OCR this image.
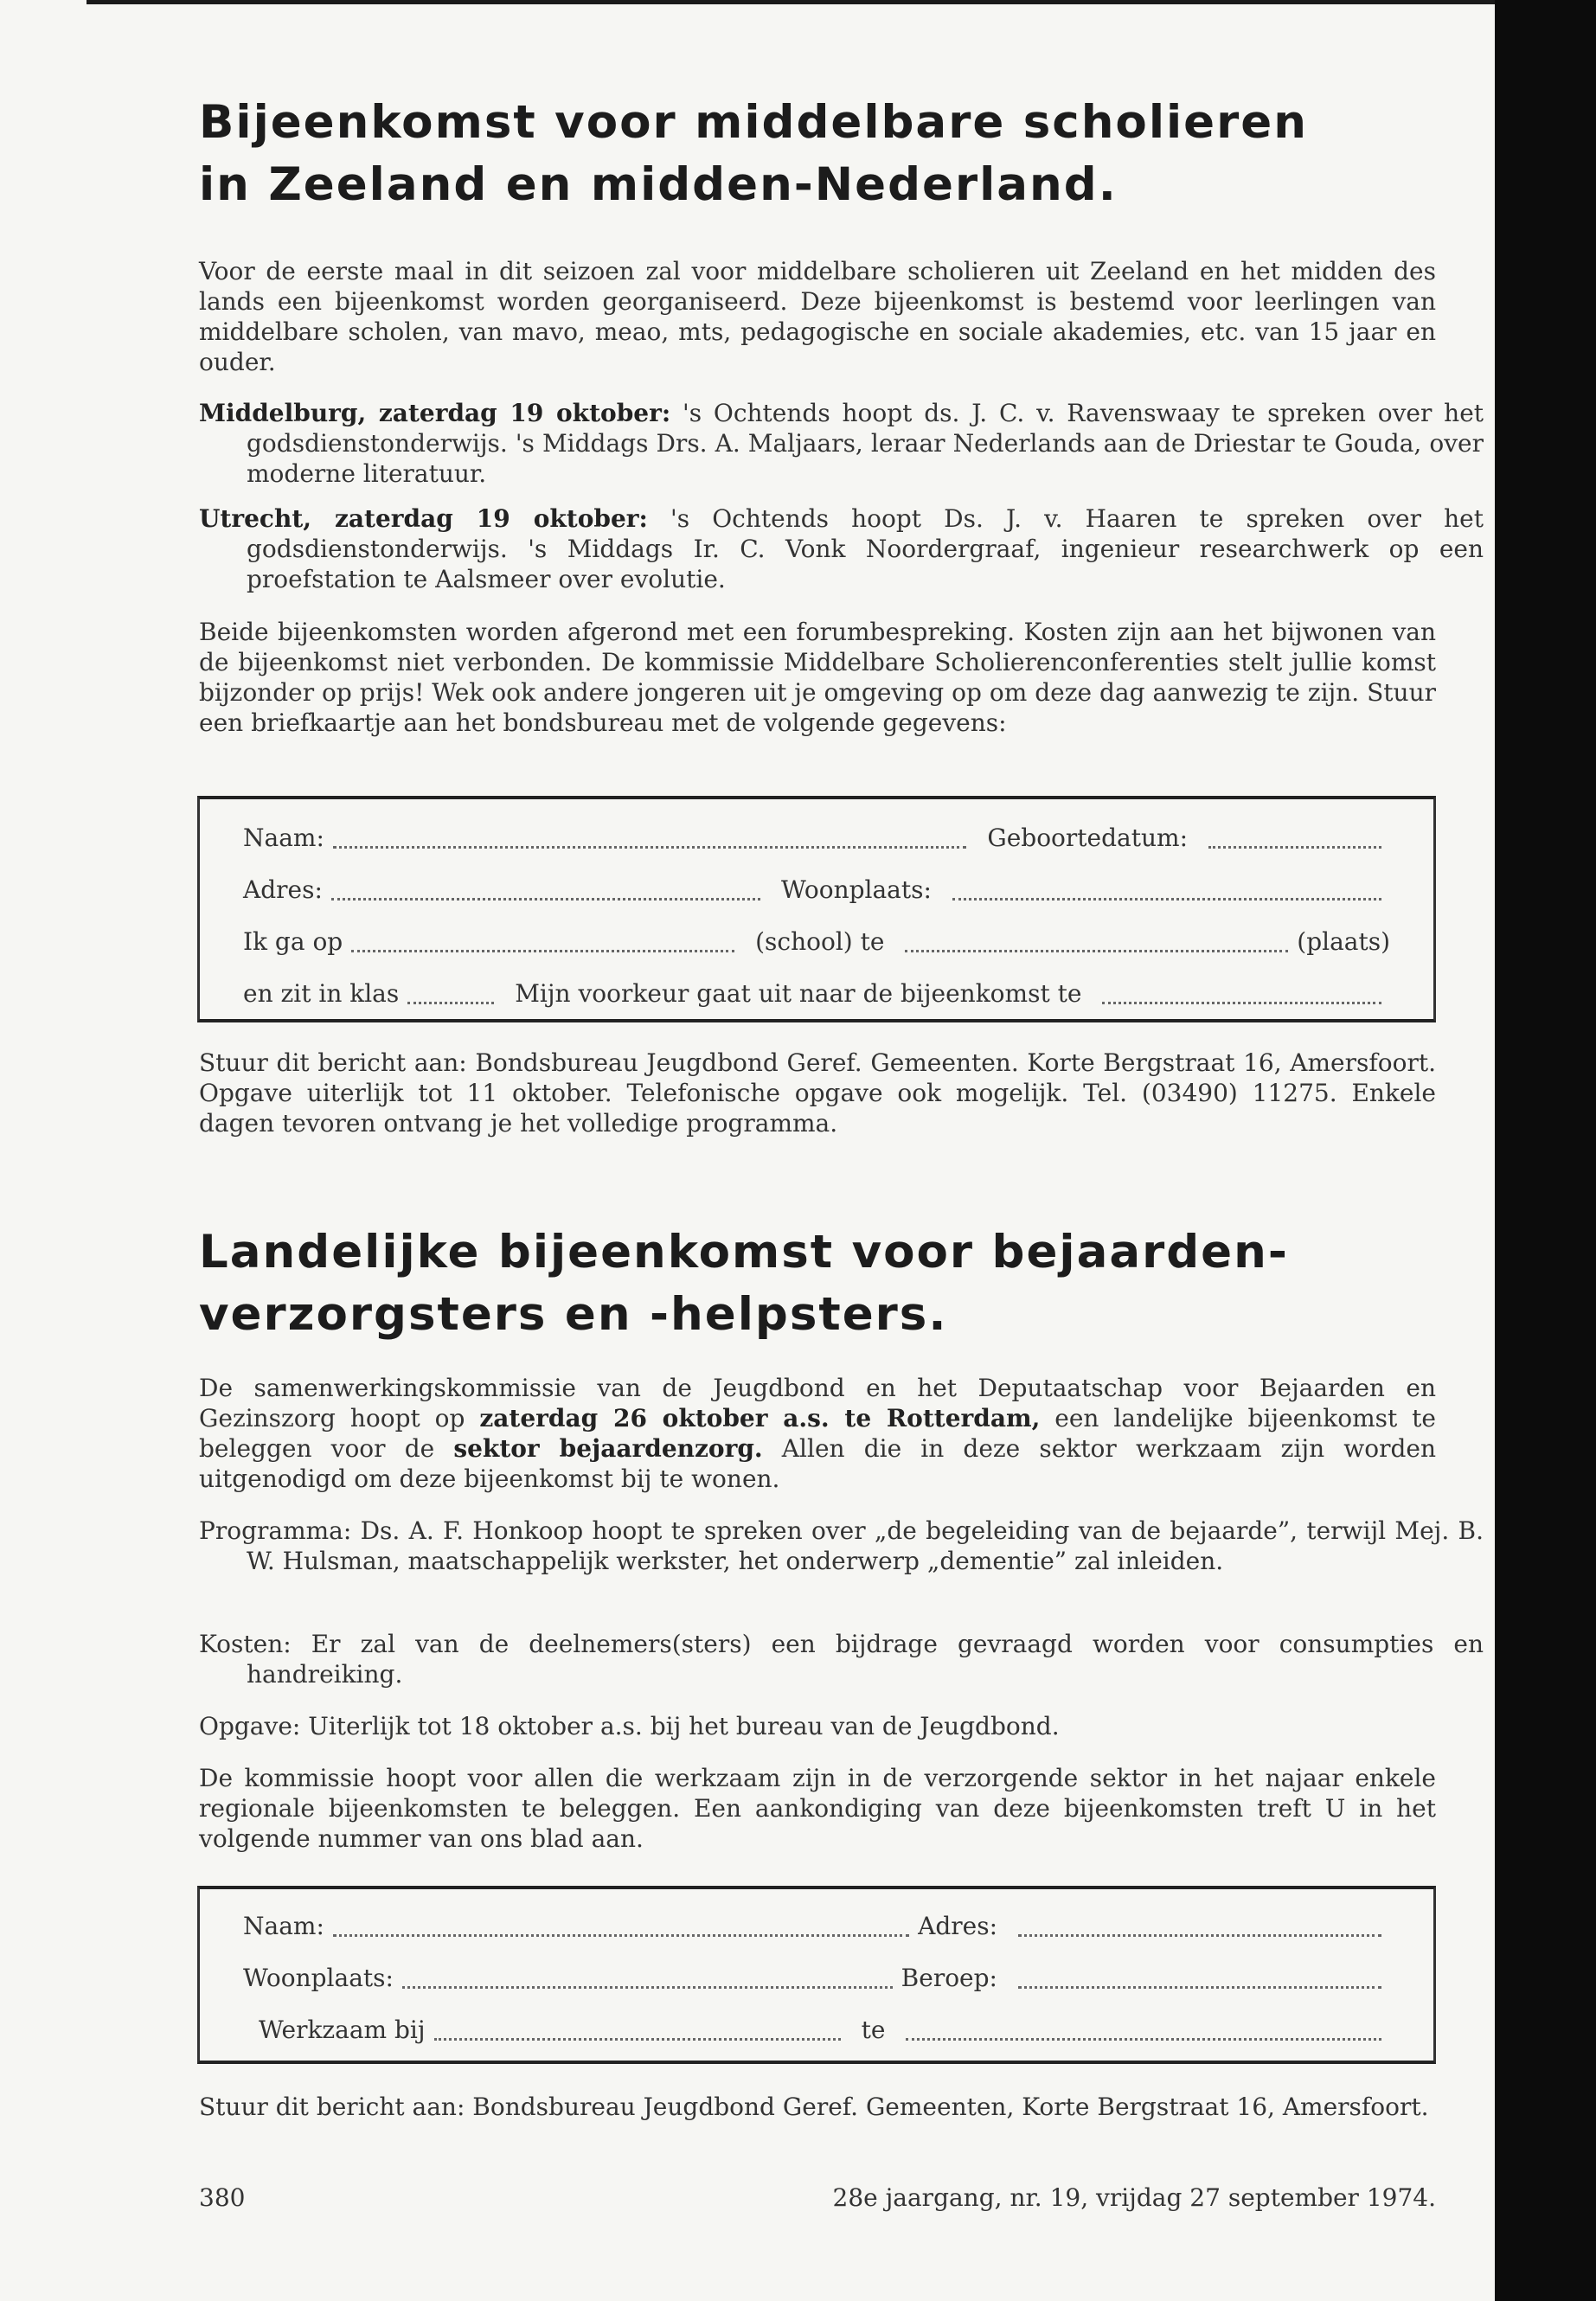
Bijeenkomst voor middelbare scholieren
in Zeeland en midden-Nederland.

Voor de eerste maal in dit seizoen zal voor middelbare scholieren uit Zeeland en het midden des lands een bijeenkomst worden georganiseerd. Deze bijeenkomst is bestemd voor leerlingen van middelbare scholen, van mavo, meao, mts, pedagogische en sociale akademies, etc. van 15 jaar en ouder.

Middelburg, zaterdag 19 oktober: 's Ochtends hoopt ds. J. C. v. Ravenswaay te spreken over het godsdienstonderwijs. 's Middags Drs. A. Maljaars, leraar Nederlands aan de Driestar te Gouda, over moderne literatuur.

Utrecht, zaterdag 19 oktober: 's Ochtends hoopt Ds. J. v. Haaren te spreken over het godsdienstonderwijs. 's Middags Ir. C. Vonk Noordergraaf, ingenieur researchwerk op een proefstation te Aalsmeer over evolutie.

Beide bijeenkomsten worden afgerond met een forumbespreking. Kosten zijn aan het bijwonen van de bijeenkomst niet verbonden. De kommissie Middelbare Scholierenconferenties stelt jullie komst bijzonder op prijs! Wek ook andere jongeren uit je omgeving op om deze dag aanwezig te zijn. Stuur een briefkaartje aan het bondsbureau met de volgende gegevens:

Naam:	Geboortedatum:
Adres:	Woonplaats:
Ik ga op	(school) te	(plaats)
en zit in klas	Mijn voorkeur gaat uit naar de bijeenkomst te

Stuur dit bericht aan: Bondsbureau Jeugdbond Geref. Gemeenten. Korte Bergstraat 16, Amersfoort. Opgave uiterlijk tot 11 oktober. Telefonische opgave ook mogelijk. Tel. (03490) 11275. Enkele dagen tevoren ontvang je het volledige programma.

Landelijke bijeenkomst voor bejaarden-
verzorgsters en -helpsters.

De samenwerkingskommissie van de Jeugdbond en het Deputaatschap voor Bejaarden en Gezinszorg hoopt op zaterdag 26 oktober a.s. te Rotterdam, een landelijke bijeenkomst te beleggen voor de sektor bejaardenzorg. Allen die in deze sektor werkzaam zijn worden uitgenodigd om deze bijeenkomst bij te wonen.

Programma: Ds. A. F. Honkoop hoopt te spreken over „de begeleiding van de bejaarde”, terwijl Mej. B. W. Hulsman, maatschappelijk werkster, het onderwerp „dementie” zal inleiden.

Kosten: Er zal van de deelnemers(sters) een bijdrage gevraagd worden voor consumpties en handreiking.

Opgave: Uiterlijk tot 18 oktober a.s. bij het bureau van de Jeugdbond.

De kommissie hoopt voor allen die werkzaam zijn in de verzorgende sektor in het najaar enkele regionale bijeenkomsten te beleggen. Een aankondiging van deze bijeenkomsten treft U in het volgende nummer van ons blad aan.

Naam:	Adres:
Woonplaats:	Beroep:
Werkzaam bij	te

Stuur dit bericht aan: Bondsbureau Jeugdbond Geref. Gemeenten, Korte Bergstraat 16, Amersfoort.

380	28e jaargang, nr. 19, vrijdag 27 september 1974.
